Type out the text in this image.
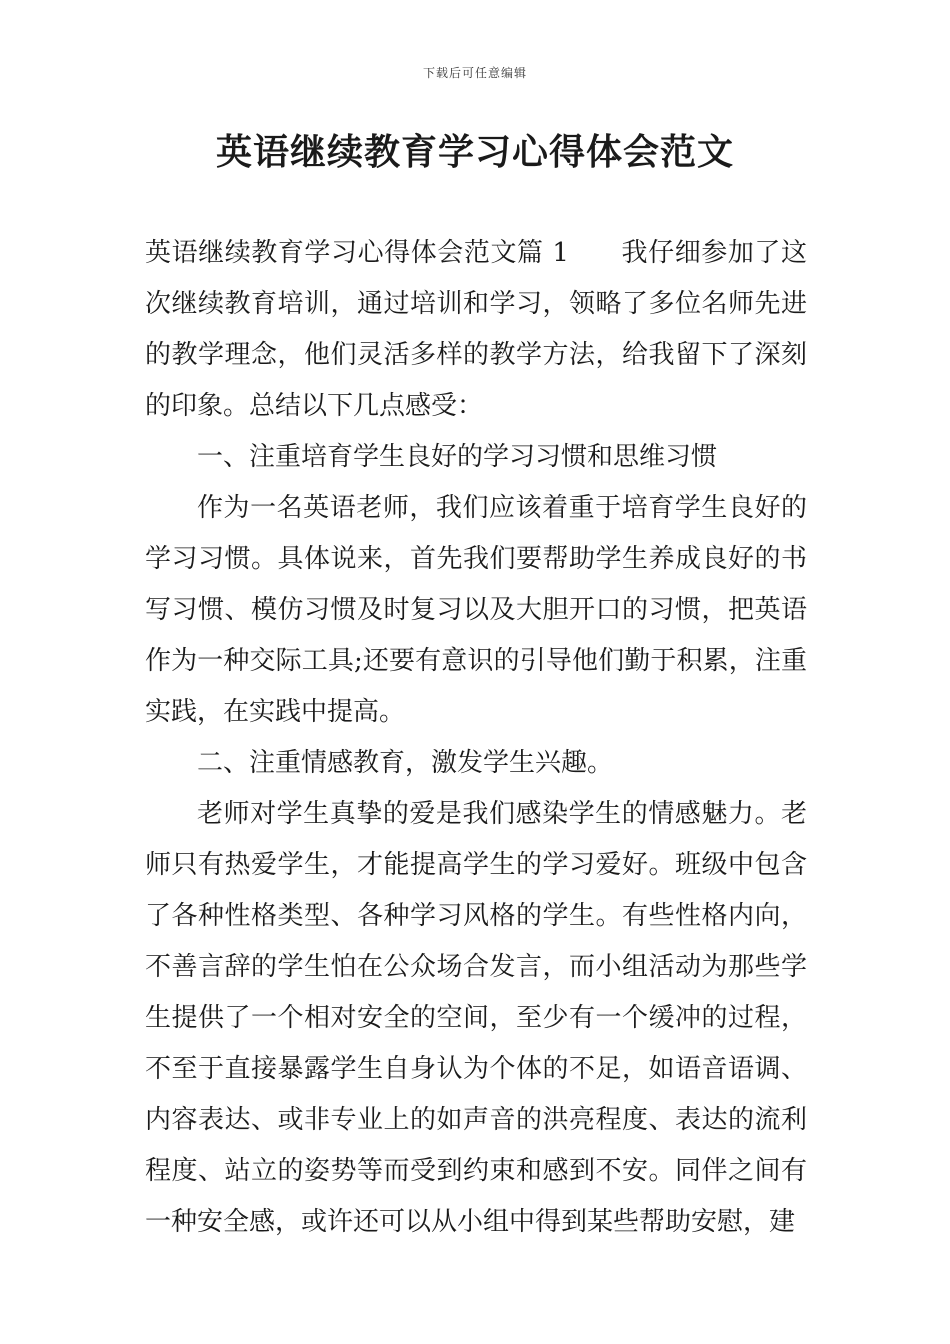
下载后可任意编辑
英语继续教育学习心得体会范文

英语继续教育学习心得体会范文篇 1 我仔细参加了这次继续教育培训，通过培训和学习，领略了多位名师先进的教学理念，他们灵活多样的教学方法，给我留下了深刻的印象。总结以下几点感受：

一、注重培育学生良好的学习习惯和思维习惯

作为一名英语老师，我们应该着重于培育学生良好的学习习惯。具体说来，首先我们要帮助学生养成良好的书写习惯、模仿习惯及时复习以及大胆开口的习惯，把英语作为一种交际工具;还要有意识的引导他们勤于积累，注重实践，在实践中提高。

二、注重情感教育，激发学生兴趣。

老师对学生真挚的爱是我们感染学生的情感魅力。老师只有热爱学生，才能提高学生的学习爱好。班级中包含了各种性格类型、各种学习风格的学生。有些性格内向，不善言辞的学生怕在公众场合发言，而小组活动为那些学生提供了一个相对安全的空间，至少有一个缓冲的过程，不至于直接暴露学生自身认为个体的不足，如语音语调、内容表达、或非专业上的如声音的洪亮程度、表达的流利程度、站立的姿势等而受到约束和感到不安。同伴之间有一种安全感，或许还可以从小组中得到某些帮助安慰，建
